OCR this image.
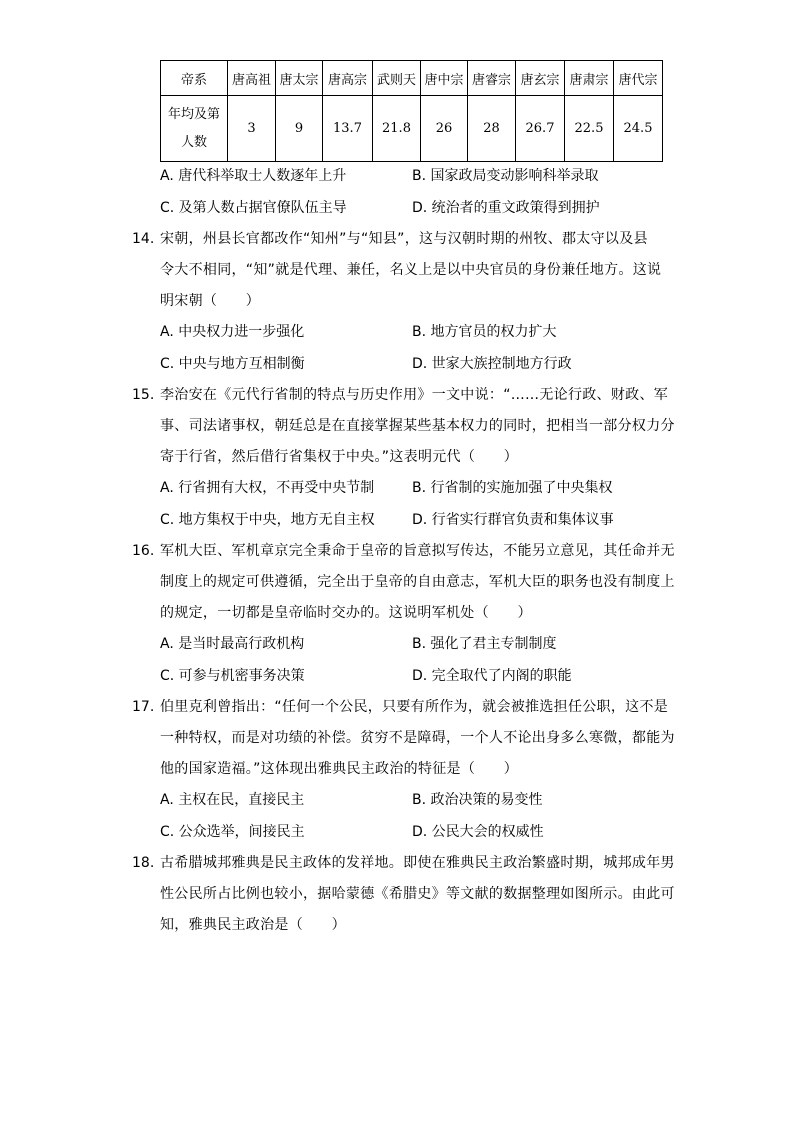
帝系	唐高祖	唐太宗	唐高宗	武则天	唐中宗	唐睿宗	唐玄宗	唐肃宗	唐代宗

年均及第
人数	3	9	13.7	21.8	26	28	26.7	22.5	24.5
A. 唐代科举取士人数逐年上升	B. 国家政局变动影响科举录取
C. 及第人数占据官僚队伍主导	D. 统治者的重文政策得到拥护
14. 宋朝，州县长官都改作“知州”与“知县”，这与汉朝时期的州牧、郡太守以及县
令大不相同，“知”就是代理、兼任，名义上是以中央官员的身份兼任地方。这说
明宋朝（　　）
A. 中央权力进一步强化	B. 地方官员的权力扩大
C. 中央与地方互相制衡	D. 世家大族控制地方行政
15. 李治安在《元代行省制的特点与历史作用》一文中说：“……无论行政、财政、军
事、司法诸事权，朝廷总是在直接掌握某些基本权力的同时，把相当一部分权力分
寄于行省，然后借行省集权于中央。”这表明元代（　　）
A. 行省拥有大权，不再受中央节制	B. 行省制的实施加强了中央集权
C. 地方集权于中央，地方无自主权	D. 行省实行群官负责和集体议事
16. 军机大臣、军机章京完全秉命于皇帝的旨意拟写传达，不能另立意见，其任命并无
制度上的规定可供遵循，完全出于皇帝的自由意志，军机大臣的职务也没有制度上
的规定，一切都是皇帝临时交办的。这说明军机处（　　）
A. 是当时最高行政机构	B. 强化了君主专制制度
C. 可参与机密事务决策	D. 完全取代了内阁的职能
17. 伯里克利曾指出：“任何一个公民，只要有所作为，就会被推选担任公职，这不是
一种特权，而是对功绩的补偿。贫穷不是障碍，一个人不论出身多么寒微，都能为
他的国家造福。”这体现出雅典民主政治的特征是（　　）
A. 主权在民，直接民主	B. 政治决策的易变性
C. 公众选举，间接民主	D. 公民大会的权威性
18. 古希腊城邦雅典是民主政体的发祥地。即使在雅典民主政治繁盛时期，城邦成年男
性公民所占比例也较小，据哈蒙德《希腊史》等文献的数据整理如图所示。由此可
知，雅典民主政治是（　　）
